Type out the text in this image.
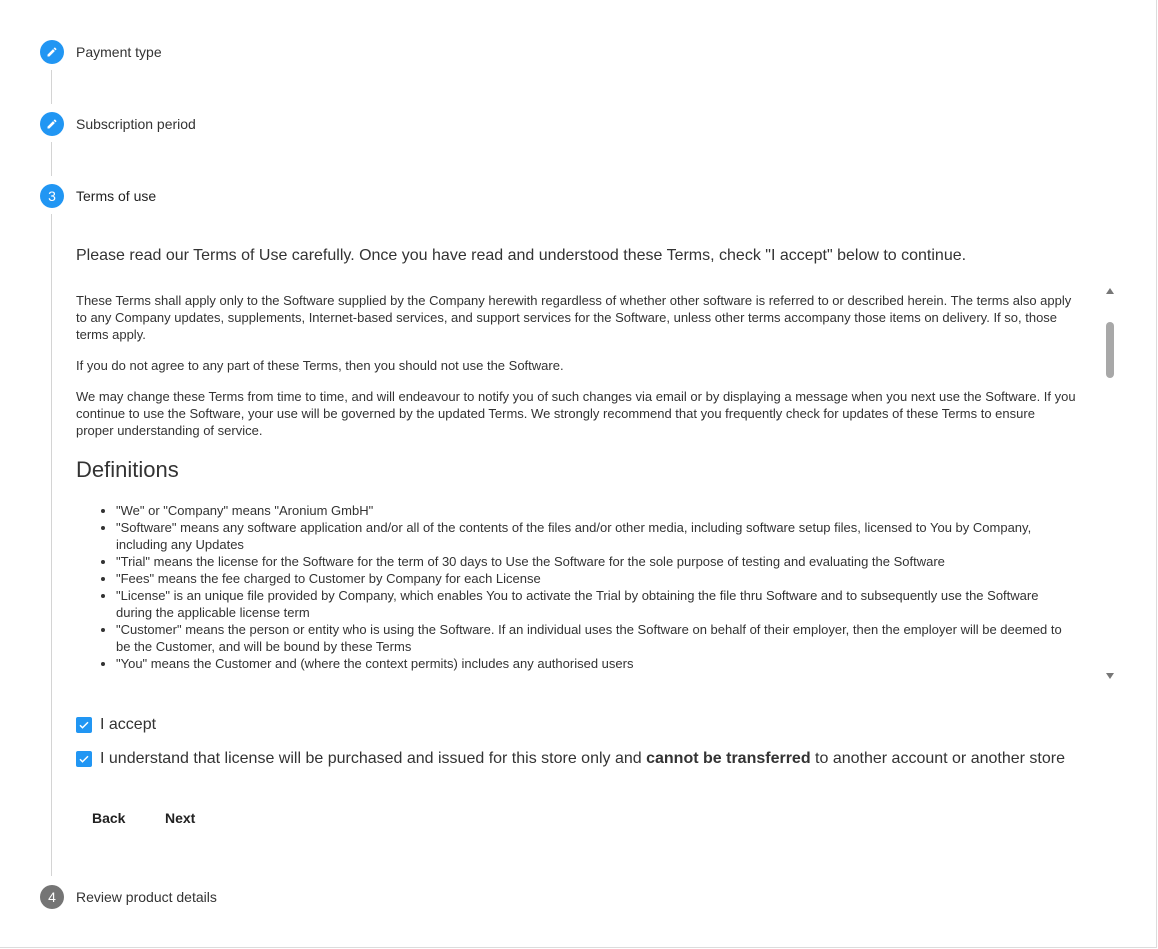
Payment type
Subscription period
3	Terms of use
Please read our Terms of Use carefully. Once you have read and understood these Terms, check "I accept" below to continue.

These Terms shall apply only to the Software supplied by the Company herewith regardless of whether other software is referred to or described herein. The terms also apply to any Company updates, supplements, Internet-based services, and support services for the Software, unless other terms accompany those items on delivery. If so, those terms apply.

If you do not agree to any part of these Terms, then you should not use the Software.

We may change these Terms from time to time, and will endeavour to notify you of such changes via email or by displaying a message when you next use the Software. If you continue to use the Software, your use will be governed by the updated Terms. We strongly recommend that you frequently check for updates of these Terms to ensure proper understanding of service.

Definitions
• "We" or "Company" means "Aronium GmbH"
• "Software" means any software application and/or all of the contents of the files and/or other media, including software setup files, licensed to You by Company, including any Updates
• "Trial" means the license for the Software for the term of 30 days to Use the Software for the sole purpose of testing and evaluating the Software
• "Fees" means the fee charged to Customer by Company for each License
• "License" is an unique file provided by Company, which enables You to activate the Trial by obtaining the file thru Software and to subsequently use the Software during the applicable license term
• "Customer" means the person or entity who is using the Software. If an individual uses the Software on behalf of their employer, then the employer will be deemed to be the Customer, and will be bound by these Terms
• "You" means the Customer and (where the context permits) includes any authorised users
I accept
I understand that license will be purchased and issued for this store only and cannot be transferred to another account or another store
Back	Next
4	Review product details
